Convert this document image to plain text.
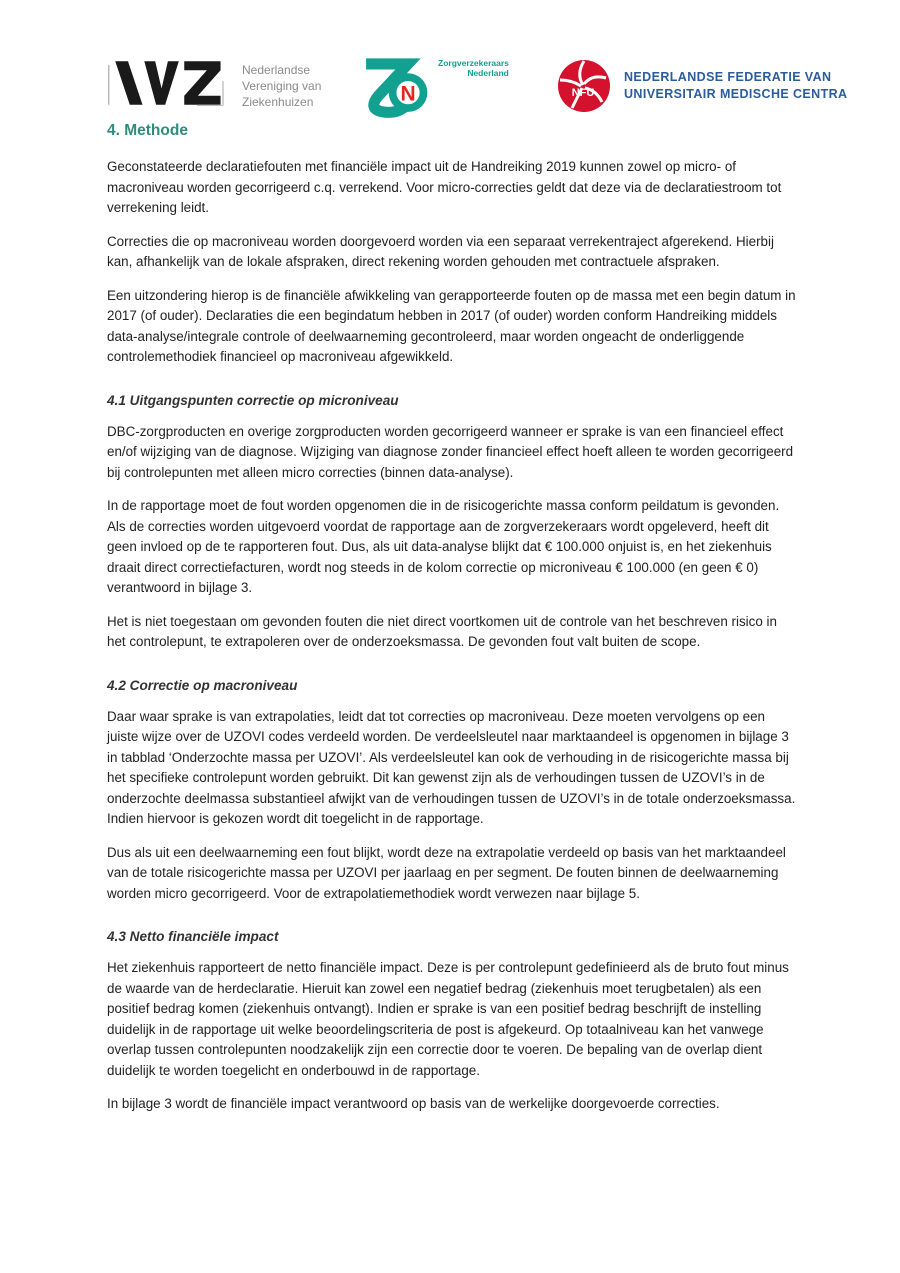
Nederlandse
Vereniging van
Ziekenhuizen	N
Zorgverzekeraars
Nederland
NFU
NEDERLANDSE FEDERATIE VAN
UNIVERSITAIR MEDISCHE CENTRA
4. Methode

Geconstateerde declaratiefouten met financiële impact uit de Handreiking 2019 kunnen zowel op micro- of macroniveau worden gecorrigeerd c.q. verrekend. Voor micro-correcties geldt dat deze via de declaratiestroom tot verrekening leidt.

Correcties die op macroniveau worden doorgevoerd worden via een separaat verrekentraject afgerekend. Hierbij kan, afhankelijk van de lokale afspraken, direct rekening worden gehouden met contractuele afspraken.

Een uitzondering hierop is de financiële afwikkeling van gerapporteerde fouten op de massa met een begin datum in 2017 (of ouder). Declaraties die een begindatum hebben in 2017 (of ouder) worden conform Handreiking middels data-analyse/integrale controle of deelwaarneming gecontroleerd, maar worden ongeacht de onderliggende controlemethodiek financieel op macroniveau afgewikkeld.

4.1 Uitgangspunten correctie op microniveau

DBC-zorgproducten en overige zorgproducten worden gecorrigeerd wanneer er sprake is van een financieel effect en/of wijziging van de diagnose. Wijziging van diagnose zonder financieel effect hoeft alleen te worden gecorrigeerd bij controlepunten met alleen micro correcties (binnen data-analyse).

In de rapportage moet de fout worden opgenomen die in de risicogerichte massa conform peildatum is gevonden. Als de correcties worden uitgevoerd voordat de rapportage aan de zorgverzekeraars wordt opgeleverd, heeft dit geen invloed op de te rapporteren fout. Dus, als uit data-analyse blijkt dat € 100.000 onjuist is, en het ziekenhuis draait direct correctiefacturen, wordt nog steeds in de kolom correctie op microniveau € 100.000 (en geen € 0) verantwoord in bijlage 3.

Het is niet toegestaan om gevonden fouten die niet direct voortkomen uit de controle van het beschreven risico in het controlepunt, te extrapoleren over de onderzoeksmassa. De gevonden fout valt buiten de scope.

4.2 Correctie op macroniveau

Daar waar sprake is van extrapolaties, leidt dat tot correcties op macroniveau. Deze moeten vervolgens op een juiste wijze over de UZOVI codes verdeeld worden. De verdeelsleutel naar marktaandeel is opgenomen in bijlage 3 in tabblad ‘Onderzochte massa per UZOVI’. Als verdeelsleutel kan ook de verhouding in de risicogerichte massa bij het specifieke controlepunt worden gebruikt. Dit kan gewenst zijn als de verhoudingen tussen de UZOVI’s in de onderzochte deelmassa substantieel afwijkt van de verhoudingen tussen de UZOVI’s in de totale onderzoeksmassa. Indien hiervoor is gekozen wordt dit toegelicht in de rapportage.

Dus als uit een deelwaarneming een fout blijkt, wordt deze na extrapolatie verdeeld op basis van het marktaandeel van de totale risicogerichte massa per UZOVI per jaarlaag en per segment. De fouten binnen de deelwaarneming worden micro gecorrigeerd. Voor de extrapolatiemethodiek wordt verwezen naar bijlage 5.

4.3 Netto financiële impact

Het ziekenhuis rapporteert de netto financiële impact. Deze is per controlepunt gedefinieerd als de bruto fout minus de waarde van de herdeclaratie. Hieruit kan zowel een negatief bedrag (ziekenhuis moet terugbetalen) als een positief bedrag komen (ziekenhuis ontvangt). Indien er sprake is van een positief bedrag beschrijft de instelling duidelijk in de rapportage uit welke beoordelingscriteria de post is afgekeurd. Op totaalniveau kan het vanwege overlap tussen controlepunten noodzakelijk zijn een correctie door te voeren. De bepaling van de overlap dient duidelijk te worden toegelicht en onderbouwd in de rapportage.

In bijlage 3 wordt de financiële impact verantwoord op basis van de werkelijke doorgevoerde correcties.
